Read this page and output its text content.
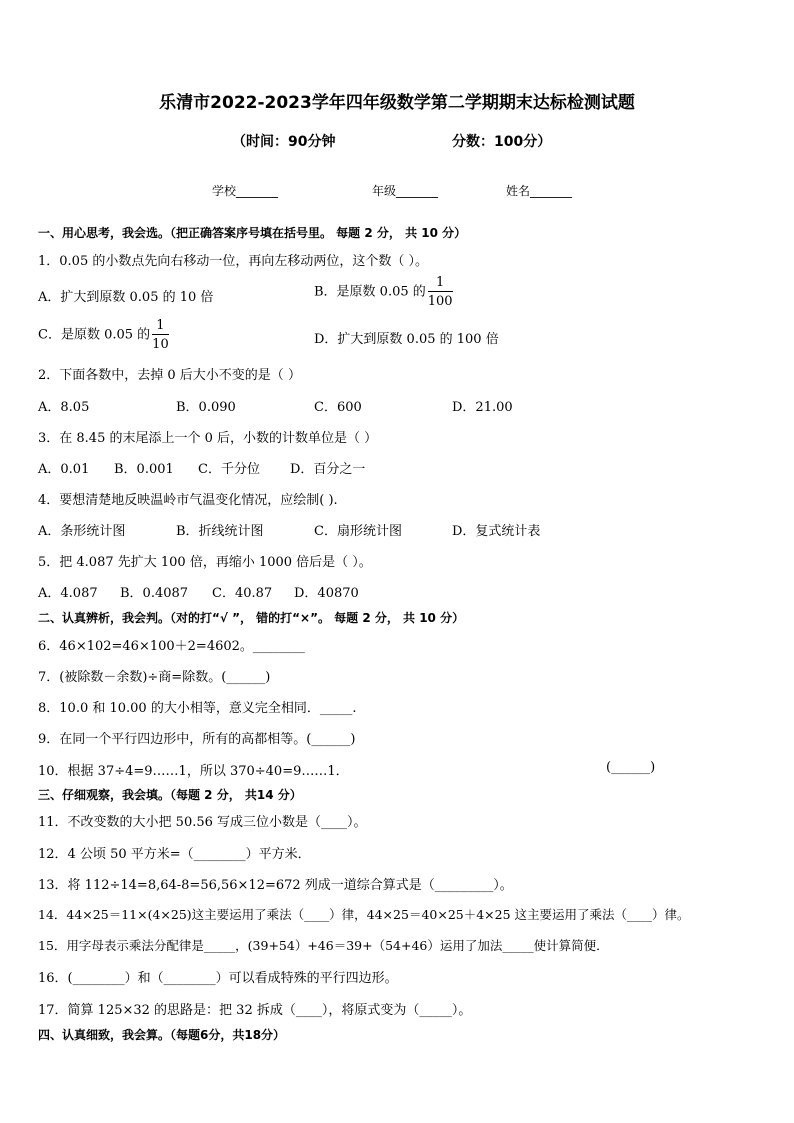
乐清市2022-2023学年四年级数学第二学期期末达标检测试题
（时间：90分钟	分数：100分）
学校_______	年级_______	姓名_______
一、用心思考，我会选。（把正确答案序号填在括号里。 每题 2 分， 共 10 分）
1．0.05 的小数点先向右移动一位，再向左移动两位，这个数（ ）。
A．扩大到原数 0.05 的 10 倍	B．是原数 0.05 的 $\frac{1}{100}$
C．是原数 0.05 的 $\frac{1}{10}$	D．扩大到原数 0.05 的 100 倍
2．下面各数中，去掉 0 后大小不变的是（ ）
A．8.05	B．0.090	C．600	D．21.00
3．在 8.45 的末尾添上一个 0 后，小数的计数单位是（ ）
A．0.01 B．0.001 C．千分位 D．百分之一
4．要想清楚地反映温岭市气温变化情况，应绘制( ).
A．条形统计图	B．折线统计图	C．扇形统计图	D．复式统计表
5．把 4.087 先扩大 100 倍，再缩小 1000 倍后是（ ）。
A．4.087 B．0.4087 C．40.87 D．40870
二、认真辨析，我会判。（对的打“√ ”， 错的打“×”。 每题 2 分， 共 10 分）
6．46×102=46×100＋2=4602。________
7．(被除数－余数)÷商=除数。(______)
8．10.0 和 10.00 的大小相等，意义完全相同．_____.
9．在同一个平行四边形中，所有的高都相等。(______)
10．根据 37÷4=9……1，所以 370÷40=9……1．	(______)
三、仔细观察，我会填。（每题 2 分， 共14 分）
11．不改变数的大小把 50.56 写成三位小数是（____）。
12．4 公顷 50 平方米=（________）平方米．
13．将 112÷14=8,64-8=56,56×12=672 列成一道综合算式是（_________）。
14．44×25＝11×(4×25)这主要运用了乘法（____）律，44×25＝40×25＋4×25 这主要运用了乘法（____）律。
15．用字母表示乘法分配律是_____，(39+54）+46＝39+（54+46）运用了加法_____使计算简便．
16．(________）和（________）可以看成特殊的平行四边形。
17．简算 125×32 的思路是：把 32 拆成（____），将原式变为（_____）。
四、认真细致，我会算。（每题6分，共18分）
